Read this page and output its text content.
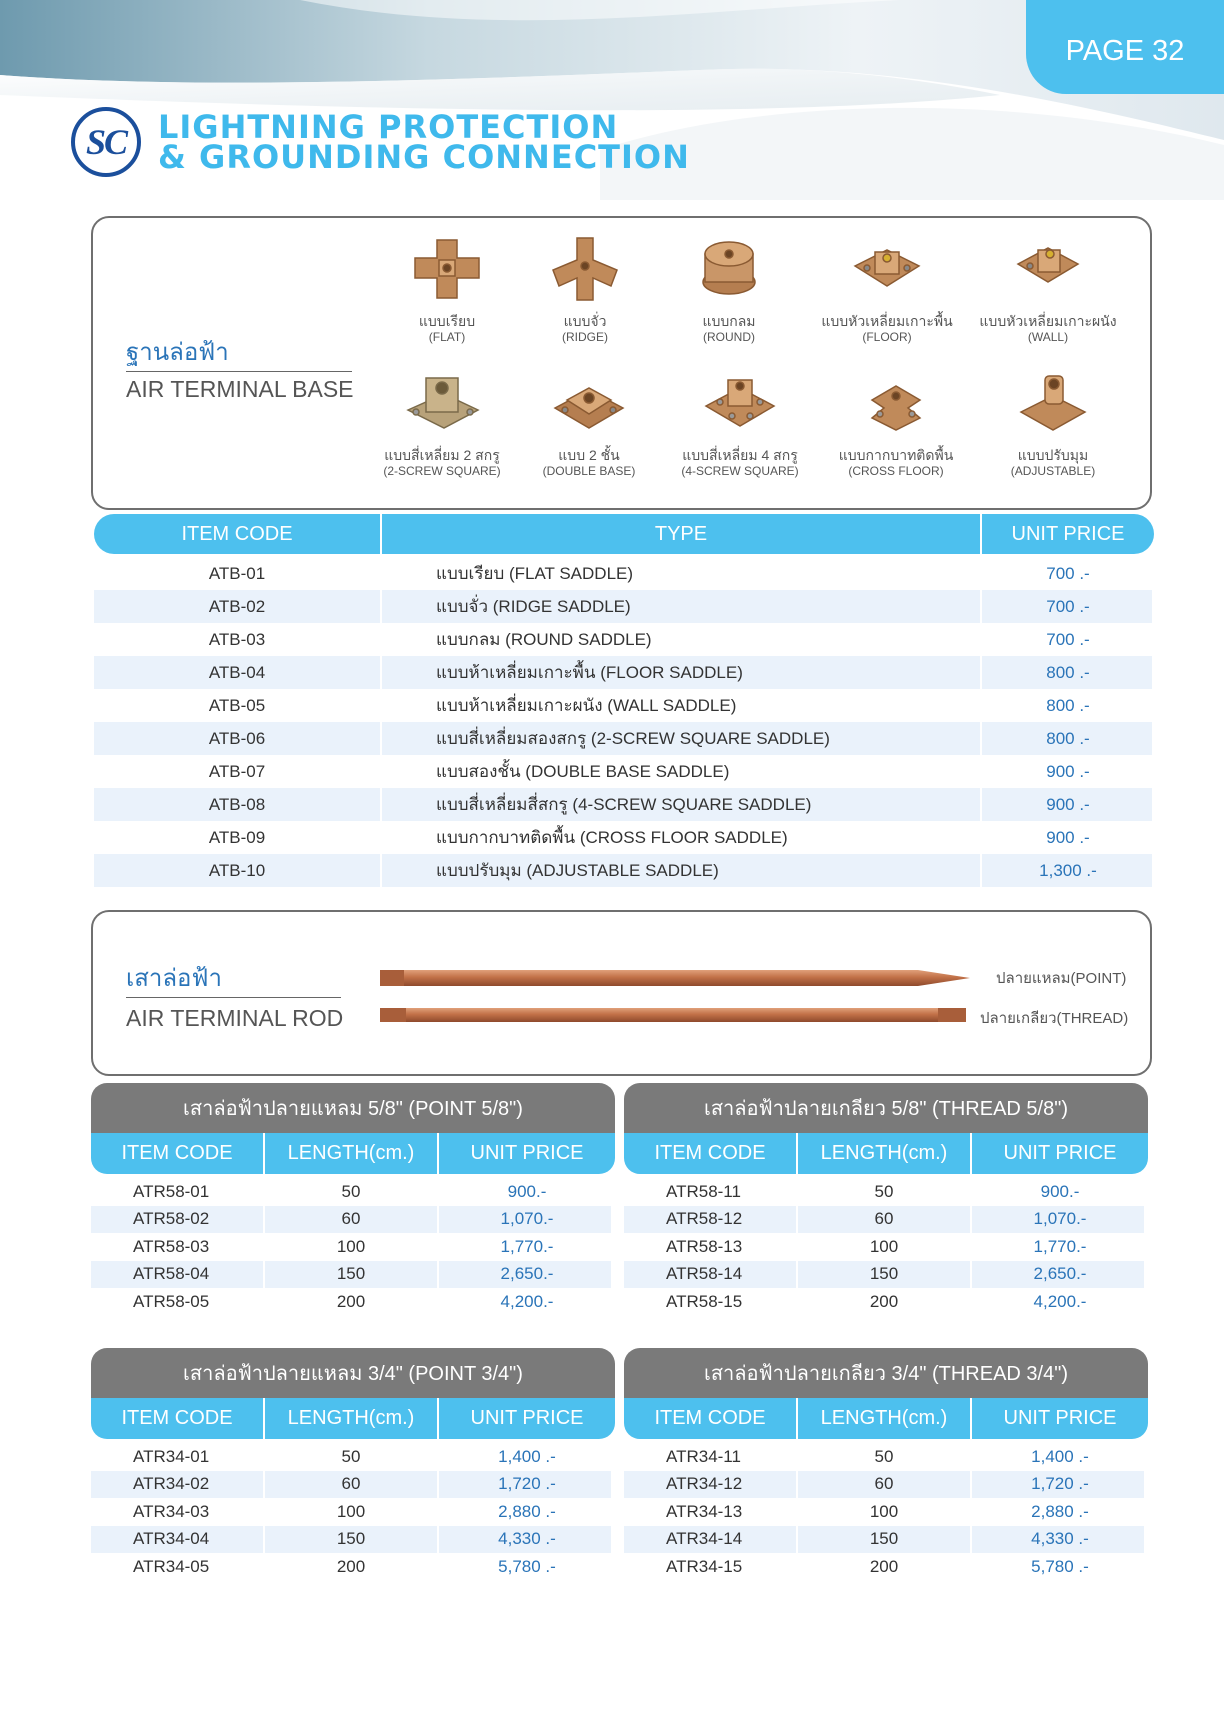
PAGE 32
SC LIGHTNING PROTECTION
& GROUNDING CONNECTION
ฐานล่อฟ้า
AIR TERMINAL BASE
แบบเรียบ
(FLAT)
แบบจั่ว
(RIDGE)
แบบกลม
(ROUND)
แบบหัวเหลี่ยมเกาะพื้น
(FLOOR)
แบบหัวเหลี่ยมเกาะผนัง
(WALL)
แบบสี่เหลี่ยม 2 สกรู
(2-SCREW SQUARE)
แบบ 2 ชั้น
(DOUBLE BASE)
แบบสี่เหลี่ยม 4 สกรู
(4-SCREW SQUARE)
แบบกากบาทติดพื้น
(CROSS FLOOR)
แบบปรับมุม
(ADJUSTABLE)
ITEM CODE	TYPE	UNIT PRICE
ATB-01	แบบเรียบ (FLAT SADDLE)	700 .-
ATB-02	แบบจั่ว (RIDGE SADDLE)	700 .-
ATB-03	แบบกลม (ROUND SADDLE)	700 .-
ATB-04	แบบห้าเหลี่ยมเกาะพื้น (FLOOR SADDLE)	800 .-
ATB-05	แบบห้าเหลี่ยมเกาะผนัง (WALL SADDLE)	800 .-
ATB-06	แบบสี่เหลี่ยมสองสกรู (2-SCREW SQUARE SADDLE)	800 .-
ATB-07	แบบสองชั้น (DOUBLE BASE SADDLE)	900 .-
ATB-08	แบบสี่เหลี่ยมสี่สกรู (4-SCREW SQUARE SADDLE)	900 .-
ATB-09	แบบกากบาทติดพื้น (CROSS FLOOR SADDLE)	900 .-
ATB-10	แบบปรับมุม (ADJUSTABLE SADDLE)	1,300 .-
เสาล่อฟ้า
AIR TERMINAL ROD
ปลายแหลม(POINT)
ปลายเกลียว(THREAD)
เสาล่อฟ้าปลายแหลม 5/8" (POINT 5/8")
ITEM CODE	LENGTH(cm.)	UNIT PRICE
ATR58-01	50	900.-
ATR58-02	60	1,070.-
ATR58-03	100	1,770.-
ATR58-04	150	2,650.-
ATR58-05	200	4,200.-
เสาล่อฟ้าปลายเกลียว 5/8" (THREAD 5/8")
ITEM CODE	LENGTH(cm.)	UNIT PRICE
ATR58-11	50	900.-
ATR58-12	60	1,070.-
ATR58-13	100	1,770.-
ATR58-14	150	2,650.-
ATR58-15	200	4,200.-
เสาล่อฟ้าปลายแหลม 3/4" (POINT 3/4")
ITEM CODE	LENGTH(cm.)	UNIT PRICE
ATR34-01	50	1,400 .-
ATR34-02	60	1,720 .-
ATR34-03	100	2,880 .-
ATR34-04	150	4,330 .-
ATR34-05	200	5,780 .-
เสาล่อฟ้าปลายเกลียว 3/4" (THREAD 3/4")
ITEM CODE	LENGTH(cm.)	UNIT PRICE
ATR34-11	50	1,400 .-
ATR34-12	60	1,720 .-
ATR34-13	100	2,880 .-
ATR34-14	150	4,330 .-
ATR34-15	200	5,780 .-
